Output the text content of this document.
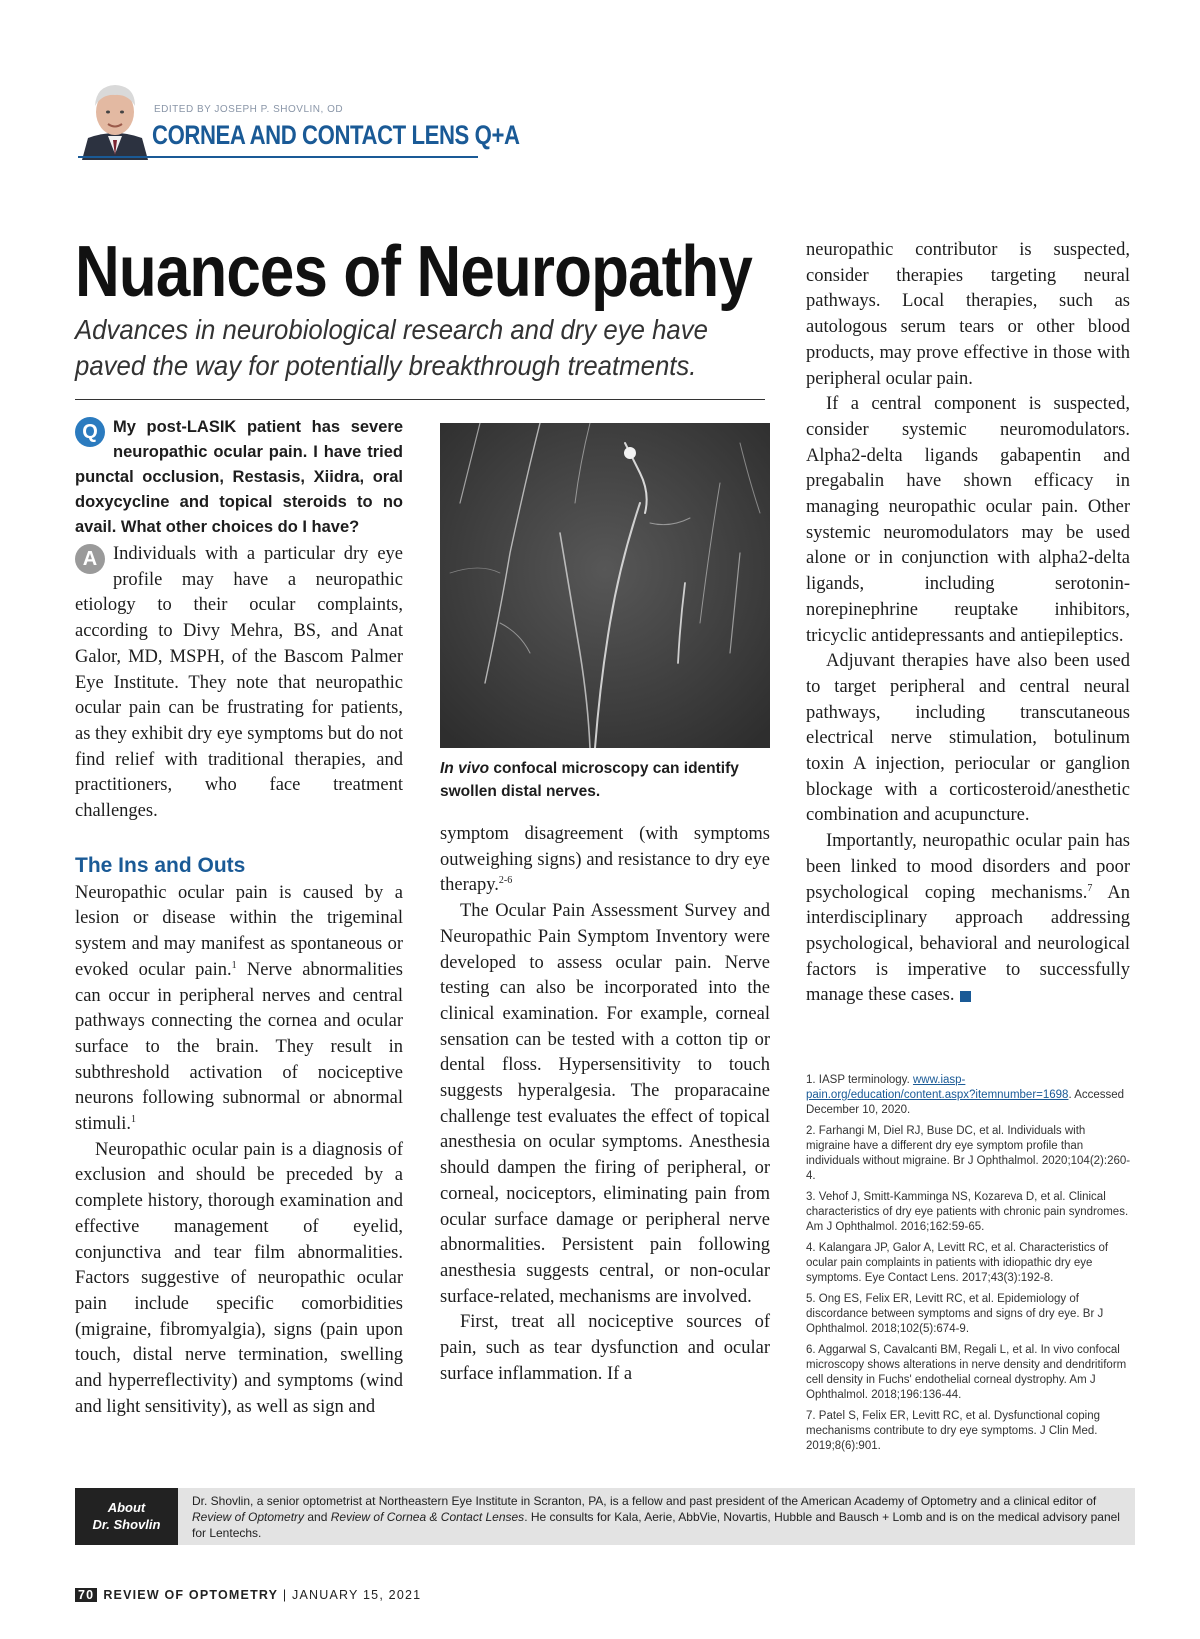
EDITED BY JOSEPH P. SHOVLIN, OD
CORNEA AND CONTACT LENS Q+A
Nuances of Neuropathy
Advances in neurobiological research and dry eye have paved the way for potentially breakthrough treatments.

Q My post-LASIK patient has severe neuropathic ocular pain. I have tried punctal occlusion, Restasis, Xiidra, oral doxycycline and topical steroids to no avail. What other choices do I have?

A Individuals with a particular dry eye profile may have a neuropathic etiology to their ocular complaints, according to Divy Mehra, BS, and Anat Galor, MD, MSPH, of the Bascom Palmer Eye Institute. They note that neuropathic ocular pain can be frustrating for patients, as they exhibit dry eye symptoms but do not find relief with traditional therapies, and practitioners, who face treatment challenges.

The Ins and Outs

Neuropathic ocular pain is caused by a lesion or disease within the trigeminal system and may manifest as spontaneous or evoked ocular pain.$^1$ Nerve abnormalities can occur in peripheral nerves and central pathways connecting the cornea and ocular surface to the brain. They result in subthreshold activation of nociceptive neurons following subnormal or abnormal stimuli.$^1$

Neuropathic ocular pain is a diagnosis of exclusion and should be preceded by a complete history, thorough examination and effective management of eyelid, conjunctiva and tear film abnormalities. Factors suggestive of neuropathic ocular pain include specific comorbidities (migraine, fibromyalgia), signs (pain upon touch, distal nerve termination, swelling and hyperreflectivity) and symptoms (wind and light sensitivity), as well as sign and

In vivo confocal microscopy can identify swollen distal nerves.

symptom disagreement (with symptoms outweighing signs) and resistance to dry eye therapy.$^{2-6}$

The Ocular Pain Assessment Survey and Neuropathic Pain Symptom Inventory were developed to assess ocular pain. Nerve testing can also be incorporated into the clinical examination. For example, corneal sensation can be tested with a cotton tip or dental floss. Hypersensitivity to touch suggests hyperalgesia. The proparacaine challenge test evaluates the effect of topical anesthesia on ocular symptoms. Anesthesia should dampen the firing of peripheral, or corneal, nociceptors, eliminating pain from ocular surface damage or peripheral nerve abnormalities. Persistent pain following anesthesia suggests central, or non-ocular surface-related, mechanisms are involved.

First, treat all nociceptive sources of pain, such as tear dysfunction and ocular surface inflammation. If a

neuropathic contributor is suspected, consider therapies targeting neural pathways. Local therapies, such as autologous serum tears or other blood products, may prove effective in those with peripheral ocular pain.

If a central component is suspected, consider systemic neuromodulators. Alpha2-delta ligands gabapentin and pregabalin have shown efficacy in managing neuropathic ocular pain. Other systemic neuromodulators may be used alone or in conjunction with alpha2-delta ligands, including serotonin-norepinephrine reuptake inhibitors, tricyclic antidepressants and antiepileptics.

Adjuvant therapies have also been used to target peripheral and central neural pathways, including transcutaneous electrical nerve stimulation, botulinum toxin A injection, periocular or ganglion blockage with a corticosteroid/anesthetic combination and acupuncture.

Importantly, neuropathic ocular pain has been linked to mood disorders and poor psychological coping mechanisms.$^7$ An interdisciplinary approach addressing psychological, behavioral and neurological factors is imperative to successfully manage these cases.

1. IASP terminology. www.iasp-pain.org/education/content.aspx?itemnumber=1698. Accessed December 10, 2020.

2. Farhangi M, Diel RJ, Buse DC, et al. Individuals with migraine have a different dry eye symptom profile than individuals without migraine. Br J Ophthalmol. 2020;104(2):260-4.

3. Vehof J, Smitt-Kamminga NS, Kozareva D, et al. Clinical characteristics of dry eye patients with chronic pain syndromes. Am J Ophthalmol. 2016;162:59-65.

4. Kalangara JP, Galor A, Levitt RC, et al. Characteristics of ocular pain complaints in patients with idiopathic dry eye symptoms. Eye Contact Lens. 2017;43(3):192-8.

5. Ong ES, Felix ER, Levitt RC, et al. Epidemiology of discordance between symptoms and signs of dry eye. Br J Ophthalmol. 2018;102(5):674-9.

6. Aggarwal S, Cavalcanti BM, Regali L, et al. In vivo confocal microscopy shows alterations in nerve density and dendritiform cell density in Fuchs' endothelial corneal dystrophy. Am J Ophthalmol. 2018;196:136-44.

7. Patel S, Felix ER, Levitt RC, et al. Dysfunctional coping mechanisms contribute to dry eye symptoms. J Clin Med. 2019;8(6):901.

About
Dr. Shovlin
Dr. Shovlin, a senior optometrist at Northeastern Eye Institute in Scranton, PA, is a fellow and past president of the American Academy of Optometry and a clinical editor of Review of Optometry and Review of Cornea & Contact Lenses. He consults for Kala, Aerie, AbbVie, Novartis, Hubble and Bausch + Lomb and is on the medical advisory panel for Lentechs.
70 REVIEW OF OPTOMETRY | JANUARY 15, 2021
